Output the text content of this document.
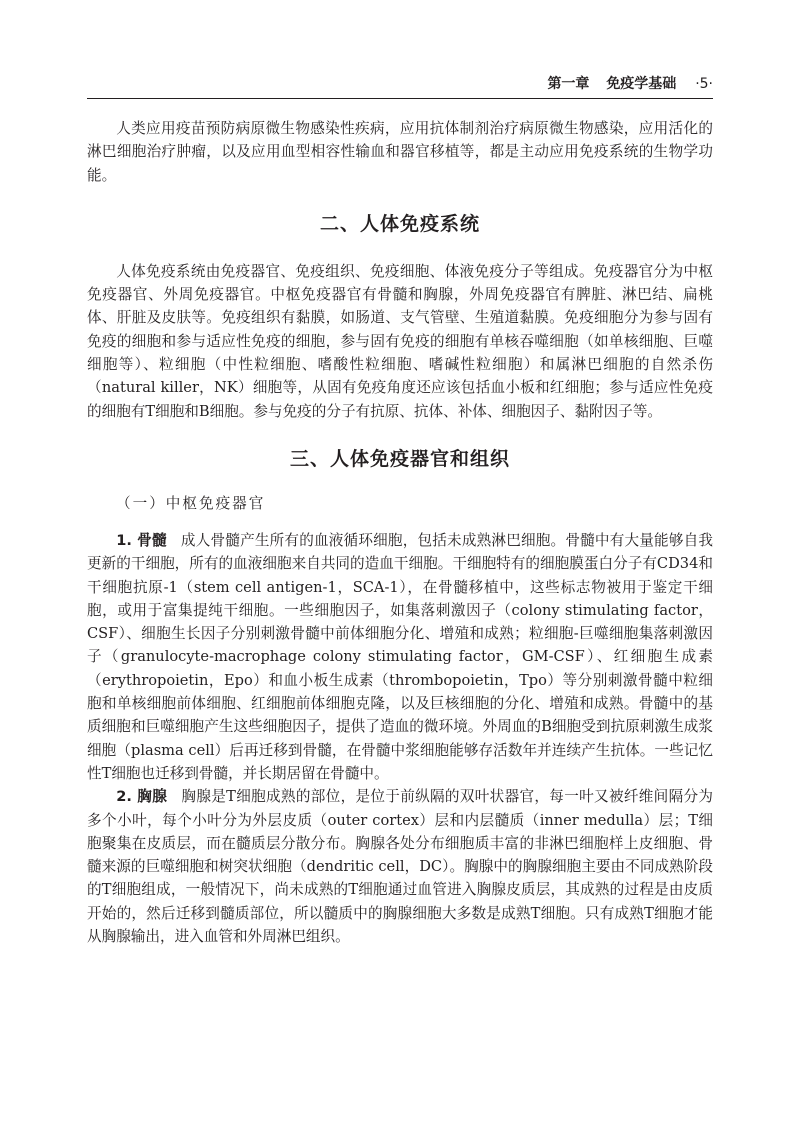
第一章 免疫学基础 ·5·

人类应用疫苗预防病原微生物感染性疾病，应用抗体制剂治疗病原微生物感染，应用活化的淋巴细胞治疗肿瘤，以及应用血型相容性输血和器官移植等，都是主动应用免疫系统的生物学功能。

二、人体免疫系统

人体免疫系统由免疫器官、免疫组织、免疫细胞、体液免疫分子等组成。免疫器官分为中枢免疫器官、外周免疫器官。中枢免疫器官有骨髓和胸腺，外周免疫器官有脾脏、淋巴结、扁桃体、肝脏及皮肤等。免疫组织有黏膜，如肠道、支气管壁、生殖道黏膜。免疫细胞分为参与固有免疫的细胞和参与适应性免疫的细胞，参与固有免疫的细胞有单核吞噬细胞（如单核细胞、巨噬细胞等）、粒细胞（中性粒细胞、嗜酸性粒细胞、嗜碱性粒细胞）和属淋巴细胞的自然杀伤（natural killer，NK）细胞等，从固有免疫角度还应该包括血小板和红细胞；参与适应性免疫的细胞有T细胞和B细胞。参与免疫的分子有抗原、抗体、补体、细胞因子、黏附因子等。

三、人体免疫器官和组织

（一）中枢免疫器官

1. 骨髓 成人骨髓产生所有的血液循环细胞，包括未成熟淋巴细胞。骨髓中有大量能够自我更新的干细胞，所有的血液细胞来自共同的造血干细胞。干细胞特有的细胞膜蛋白分子有CD34和干细胞抗原-1（stem cell antigen-1，SCA-1），在骨髓移植中，这些标志物被用于鉴定干细胞，或用于富集提纯干细胞。一些细胞因子，如集落刺激因子（colony stimulating factor，CSF）、细胞生长因子分别刺激骨髓中前体细胞分化、增殖和成熟；粒细胞-巨噬细胞集落刺激因子（granulocyte-macrophage colony stimulating factor，GM-CSF）、红细胞生成素（erythropoietin，Epo）和血小板生成素（thrombopoietin，Tpo）等分别刺激骨髓中粒细胞和单核细胞前体细胞、红细胞前体细胞克隆，以及巨核细胞的分化、增殖和成熟。骨髓中的基质细胞和巨噬细胞产生这些细胞因子，提供了造血的微环境。外周血的B细胞受到抗原刺激生成浆细胞（plasma cell）后再迁移到骨髓，在骨髓中浆细胞能够存活数年并连续产生抗体。一些记忆性T细胞也迁移到骨髓，并长期居留在骨髓中。

2. 胸腺 胸腺是T细胞成熟的部位，是位于前纵隔的双叶状器官，每一叶又被纤维间隔分为多个小叶，每个小叶分为外层皮质（outer cortex）层和内层髓质（inner medulla）层；T细胞聚集在皮质层，而在髓质层分散分布。胸腺各处分布细胞质丰富的非淋巴细胞样上皮细胞、骨髓来源的巨噬细胞和树突状细胞（dendritic cell，DC）。胸腺中的胸腺细胞主要由不同成熟阶段的T细胞组成，一般情况下，尚未成熟的T细胞通过血管进入胸腺皮质层，其成熟的过程是由皮质开始的，然后迁移到髓质部位，所以髓质中的胸腺细胞大多数是成熟T细胞。只有成熟T细胞才能从胸腺输出，进入血管和外周淋巴组织。
